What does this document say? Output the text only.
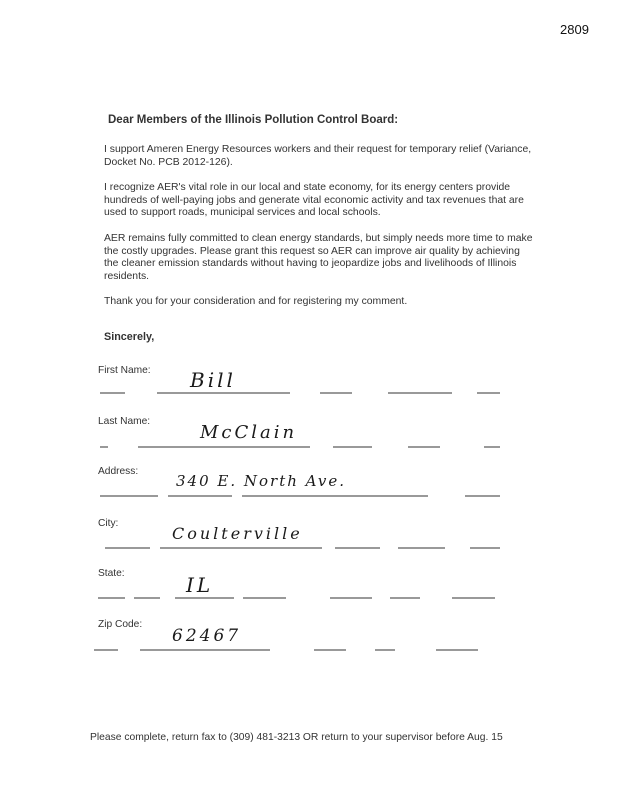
2809
Dear Members of the Illinois Pollution Control Board:
I support Ameren Energy Resources workers and their request for temporary relief (Variance, Docket No. PCB 2012-126).
I recognize AER's vital role in our local and state economy, for its energy centers provide hundreds of well-paying jobs and generate vital economic activity and tax revenues that are used to support roads, municipal services and local schools.
AER remains fully committed to clean energy standards, but simply needs more time to make the costly upgrades. Please grant this request so AER can improve air quality by achieving the cleaner emission standards without having to jeopardize jobs and livelihoods of Illinois residents.
Thank you for your consideration and for registering my comment.
Sincerely,
First Name: Bill
Last Name:
McClain
Address:
340 E. North Ave.
City:
Coulterville
State:	IL
Zip Code:
62467
Please complete, return fax to (309) 481-3213 OR return to your supervisor before Aug. 15
